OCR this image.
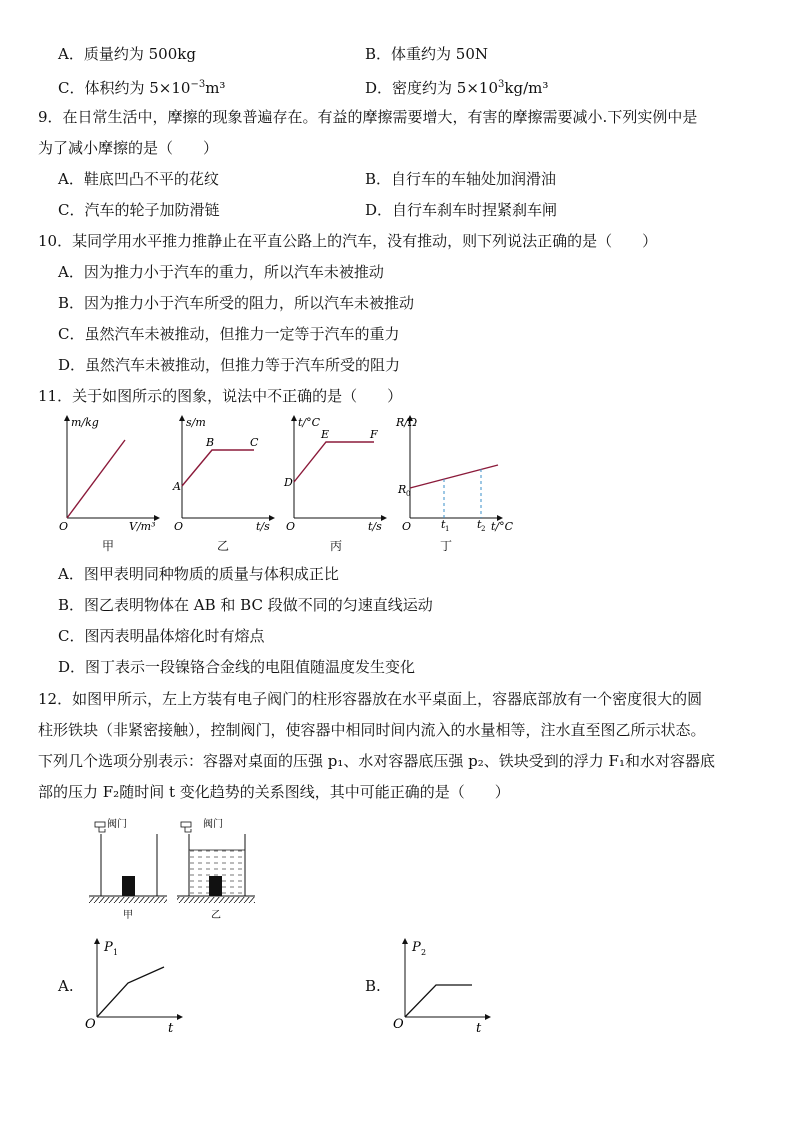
A．质量约为 500kg	B．体重约为 50N
C．体积约为 $5\times 10^{-3}m^3$	D．密度约为 $5\times 10^3kg/m^3$
9．在日常生活中，摩擦的现象普遍存在。有益的摩擦需要增大，有害的摩擦需要减小.下列实例中是
为了减小摩擦的是（　　）
A．鞋底凹凸不平的花纹	B．自行车的车轴处加润滑油
C．汽车的轮子加防滑链	D．自行车刹车时捏紧刹车闸
10．某同学用水平推力推静止在平直公路上的汽车，没有推动，则下列说法正确的是（　　）
A．因为推力小于汽车的重力，所以汽车未被推动
B．因为推力小于汽车所受的阻力，所以汽车未被推动
C．虽然汽车未被推动，但推力一定等于汽车的重力
D．虽然汽车未被推动，但推力等于汽车所受的阻力
11．关于如图所示的图象，说法中不正确的是（　　）
m/kg
V/m³
O
甲
s/m
t/s
O
A
B	C
乙
t/°C
t/s
O
D
E	F
丙
R/Ω
t/°C
O
R 0
t 1	t 2
丁
A．图甲表明同种物质的质量与体积成正比
B．图乙表明物体在 AB 和 BC 段做不同的匀速直线运动
C．图丙表明晶体熔化时有熔点
D．图丁表示一段镍铬合金线的电阻值随温度发生变化
12．如图甲所示，左上方装有电子阀门的柱形容器放在水平桌面上，容器底部放有一个密度很大的圆
柱形铁块（非紧密接触），控制阀门，使容器中相同时间内流入的水量相等，注水直至图乙所示状态。
下列几个选项分别表示：容器对桌面的压强 p₁、水对容器底压强 p₂、铁块受到的浮力 F₁和水对容器底
部的压力 F₂随时间 t 变化趋势的关系图线，其中可能正确的是（　　）
阀门
甲
阀门
乙
A.
P 1
t
O
B.
P 2
t
O
